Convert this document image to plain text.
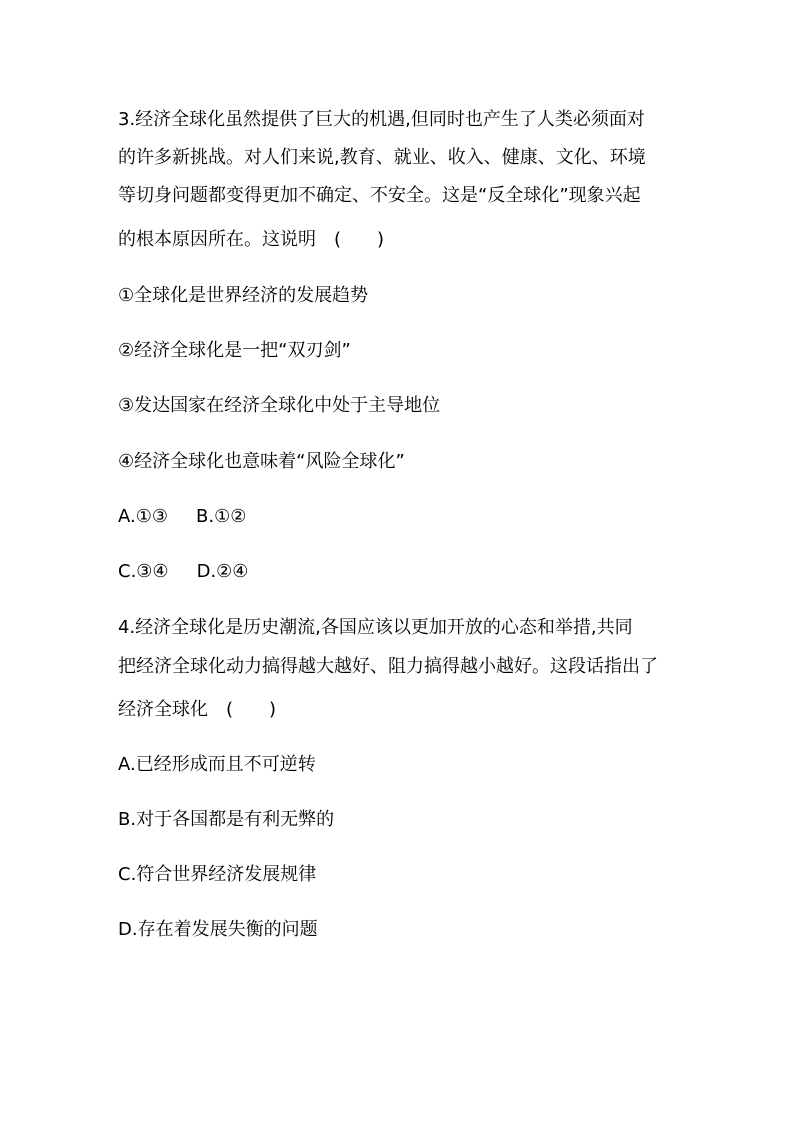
3.经济全球化虽然提供了巨大的机遇,但同时也产生了人类必须面对
的许多新挑战。对人们来说,教育、就业、收入、健康、文化、环境
等切身问题都变得更加不确定、不安全。这是“反全球化”现象兴起
的根本原因所在。这说明　(　　)
①全球化是世界经济的发展趋势
②经济全球化是一把“双刃剑”
③发达国家在经济全球化中处于主导地位
④经济全球化也意味着“风险全球化”
A.①③ B.①②
C.③④ D.②④
4.经济全球化是历史潮流,各国应该以更加开放的心态和举措,共同
把经济全球化动力搞得越大越好、阻力搞得越小越好。这段话指出了
经济全球化　(　　)
A.已经形成而且不可逆转
B.对于各国都是有利无弊的
C.符合世界经济发展规律
D.存在着发展失衡的问题
